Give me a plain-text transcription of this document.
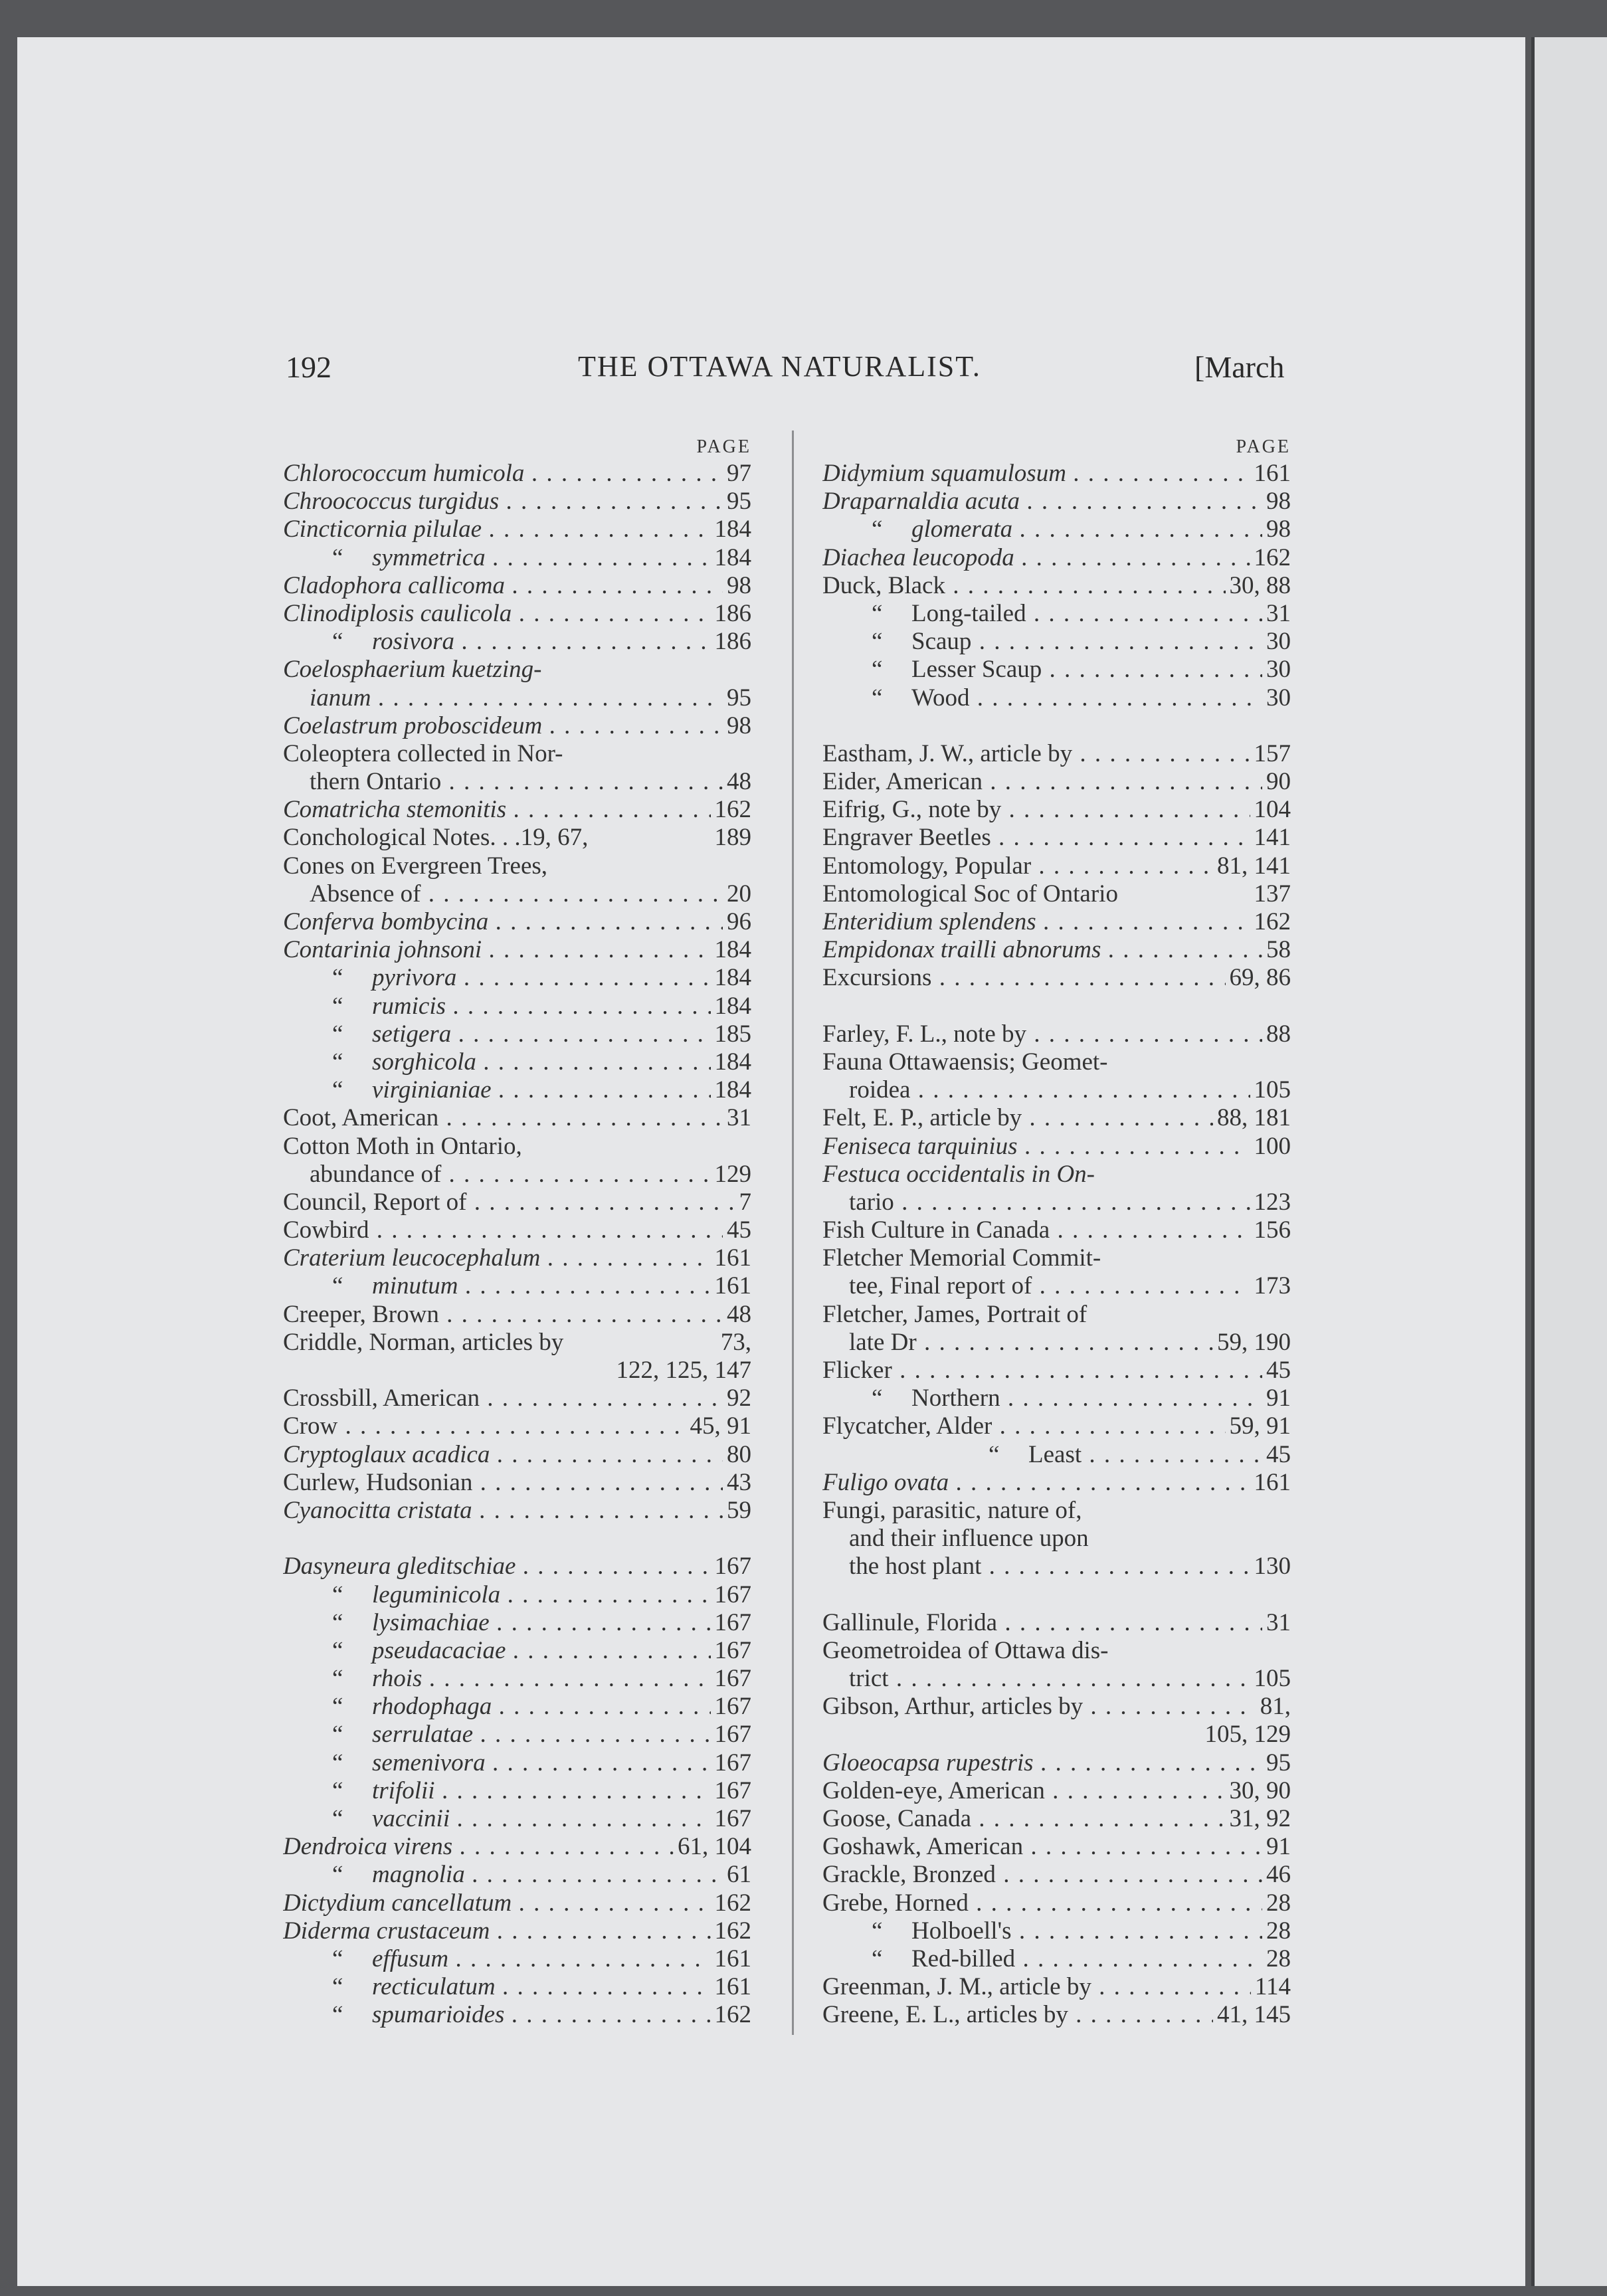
192	THE OTTAWA NATURALIST.	[March
PAGE
Chlorococcum humicola . . .	97
Chroococcus turgidus . . .	95
Cincticornia pilulae . . .	184
“ symmetrica . . .	184
Cladophora callicoma . . .	98
Clinodiplosis caulicola . . .	186
“ rosivora . . .	186
Coelosphaerium kuetzing-
ianum . . .	95
Coelastrum proboscideum . . .	98
Coleoptera collected in Nor-
thern Ontario . . .	48
Comatricha stemonitis . . .	162
Conchological Notes. . .19, 67,	189
Cones on Evergreen Trees,
Absence of . . .	20
Conferva bombycina . . .	96
Contarinia johnsoni . . .	184
“ pyrivora . . .	184
“ rumicis . . .	184
“ setigera . . .	185
“ sorghicola . . .	184
“ virginianiae . . .	184
Coot, American . . .	31
Cotton Moth in Ontario,
abundance of . . .	129
Council, Report of . . .	7
Cowbird . . .	45
Craterium leucocephalum . . .	161
“ minutum . . .	161
Creeper, Brown . . .	48
Criddle, Norman, articles by	73,
122, 125, 147
Crossbill, American . . .	92
Crow . . .	45, 91
Cryptoglaux acadica . . .	80
Curlew, Hudsonian . . .	43
Cyanocitta cristata . . .	59
Dasyneura gleditschiae . . .	167
“ leguminicola . . .	167
“ lysimachiae . . .	167
“ pseudacaciae . . .	167
“ rhois . . .	167
“ rhodophaga . . .	167
“ serrulatae . . .	167
“ semenivora . . .	167
“ trifolii . . .	167
“ vaccinii . . .	167
Dendroica virens . . .	61, 104
“ magnolia . . .	61
Dictydium cancellatum . . .	162
Diderma crustaceum . . .	162
“ effusum . . .	161
“ recticulatum . . .	161
“ spumarioides . . .	162
PAGE
Didymium squamulosum . . .	161
Draparnaldia acuta . . .	98
“ glomerata . . .	98
Diachea leucopoda . . .	162
Duck, Black . . .	30, 88
“ Long-tailed . . .	31
“ Scaup . . .	30
“ Lesser Scaup . . .	30
“ Wood . . .	30
Eastham, J. W., article by . . .	157
Eider, American . . .	90
Eifrig, G., note by . . .	104
Engraver Beetles . . .	141
Entomology, Popular . . .	81, 141
Entomological Soc of Ontario	137
Enteridium splendens . . .	162
Empidonax trailli abnorums . . .	58
Excursions . . .	69, 86
Farley, F. L., note by . . .	88
Fauna Ottawaensis; Geomet-
roidea . . .	105
Felt, E. P., article by . . .	88, 181
Feniseca tarquinius . . .	100
Festuca occidentalis in On-
tario . . .	123
Fish Culture in Canada . . .	156
Fletcher Memorial Commit-
tee, Final report of . . .	173
Fletcher, James, Portrait of
late Dr . . .	59, 190
Flicker . . .	45
“ Northern . . .	91
Flycatcher, Alder . . .	59, 91
“ Least . . .	45
Fuligo ovata . . .	161
Fungi, parasitic, nature of,
and their influence upon
the host plant . . .	130
Gallinule, Florida . . .	31
Geometroidea of Ottawa dis-
trict . . .	105
Gibson, Arthur, articles by . . .	81,
105, 129
Gloeocapsa rupestris . . .	95
Golden-eye, American . . .	30, 90
Goose, Canada . . .	31, 92
Goshawk, American . . .	91
Grackle, Bronzed . . .	46
Grebe, Horned . . .	28
“ Holboell's . . .	28
“ Red-billed . . .	28
Greenman, J. M., article by . . .	114
Greene, E. L., articles by . . .	41, 145
